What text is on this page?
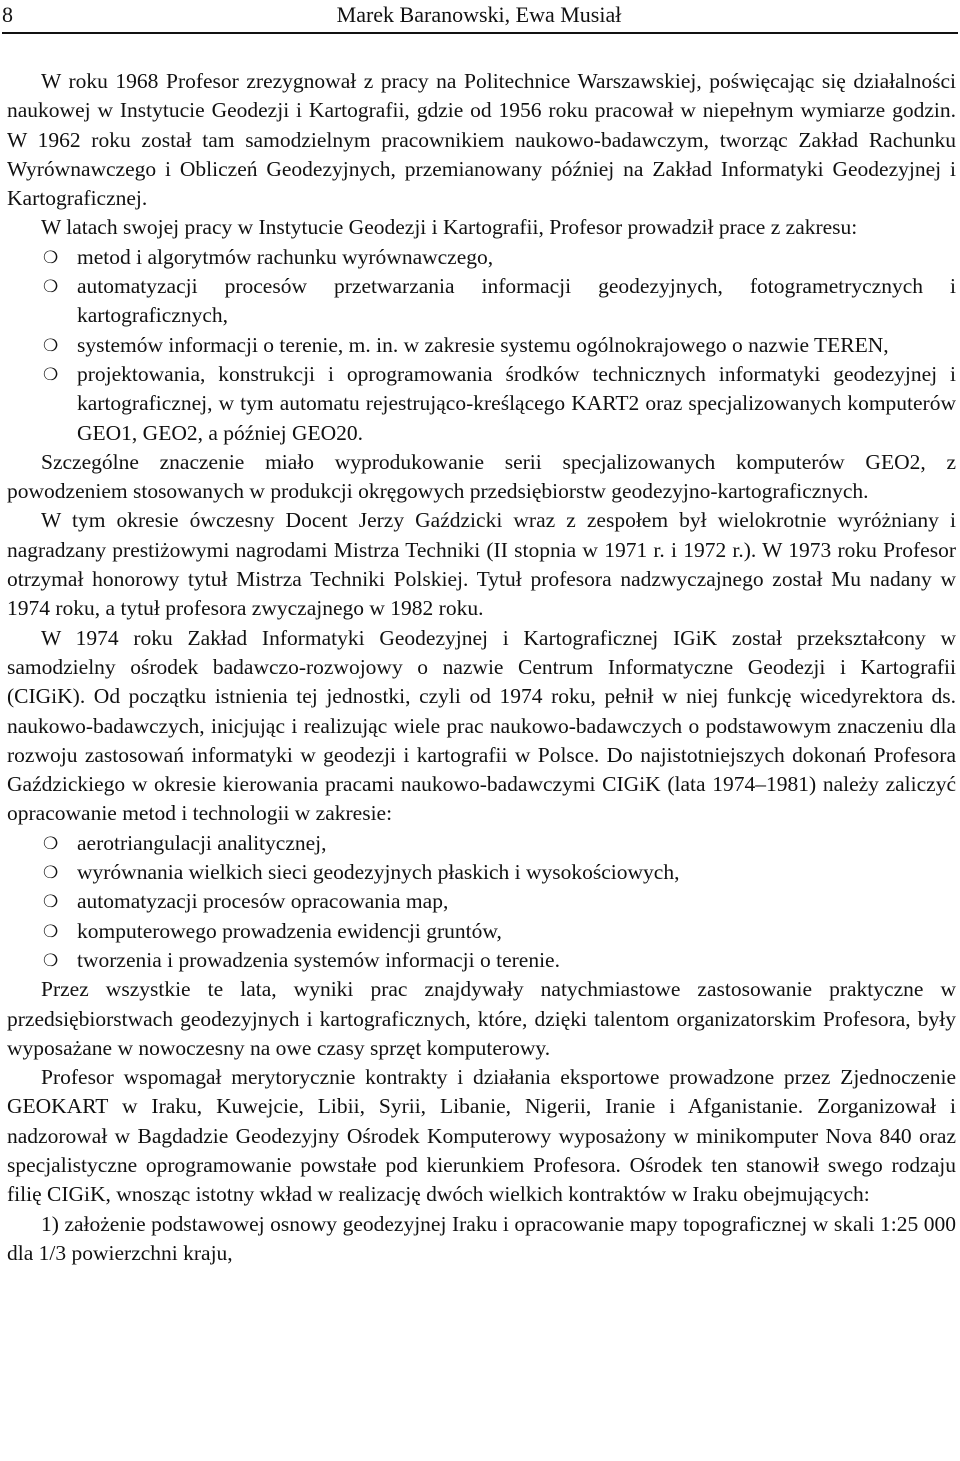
8	Marek Baranowski, Ewa Musiał

W roku 1968 Profesor zrezygnował z pracy na Politechnice Warszawskiej, poświęcając się działalności naukowej w Instytucie Geodezji i Kartografii, gdzie od 1956 roku pracował w niepełnym wymiarze godzin. W 1962 roku został tam samodzielnym pracownikiem naukowo-badawczym, tworząc Zakład Rachunku Wyrównawczego i Obliczeń Geodezyjnych, przemianowany później na Zakład Informatyki Geodezyjnej i Kartograficznej.

W latach swojej pracy w Instytucie Geodezji i Kartografii, Profesor prowadził prace z zakresu:

❍ metod i algorytmów rachunku wyrównawczego,
❍ automatyzacji procesów przetwarzania informacji geodezyjnych, fotogrametrycznych i kartograficznych,
❍ systemów informacji o terenie, m. in. w zakresie systemu ogólnokrajowego o nazwie TEREN,
❍ projektowania, konstrukcji i oprogramowania środków technicznych informatyki geodezyjnej i kartograficznej, w tym automatu rejestrująco-kreślącego KART2 oraz specjalizowanych komputerów GEO1, GEO2, a później GEO20.

Szczególne znaczenie miało wyprodukowanie serii specjalizowanych komputerów GEO2, z powodzeniem stosowanych w produkcji okręgowych przedsiębiorstw geodezyjno-kartograficznych.

W tym okresie ówczesny Docent Jerzy Gaździcki wraz z zespołem był wielokrotnie wyróżniany i nagradzany prestiżowymi nagrodami Mistrza Techniki (II stopnia w 1971 r. i 1972 r.). W 1973 roku Profesor otrzymał honorowy tytuł Mistrza Techniki Polskiej. Tytuł profesora nadzwyczajnego został Mu nadany w 1974 roku, a tytuł profesora zwyczajnego w 1982 roku.

W 1974 roku Zakład Informatyki Geodezyjnej i Kartograficznej IGiK został przekształcony w samodzielny ośrodek badawczo-rozwojowy o nazwie Centrum Informatyczne Geodezji i Kartografii (CIGiK). Od początku istnienia tej jednostki, czyli od 1974 roku, pełnił w niej funkcję wicedyrektora ds. naukowo-badawczych, inicjując i realizując wiele prac naukowo-badawczych o podstawowym znaczeniu dla rozwoju zastosowań informatyki w geodezji i kartografii w Polsce. Do najistotniejszych dokonań Profesora Gaździckiego w okresie kierowania pracami naukowo-badawczymi CIGiK (lata 1974–1981) należy zaliczyć opracowanie metod i technologii w zakresie:

❍ aerotriangulacji analitycznej,
❍ wyrównania wielkich sieci geodezyjnych płaskich i wysokościowych,
❍ automatyzacji procesów opracowania map,
❍ komputerowego prowadzenia ewidencji gruntów,
❍ tworzenia i prowadzenia systemów informacji o terenie.

Przez wszystkie te lata, wyniki prac znajdywały natychmiastowe zastosowanie praktyczne w przedsiębiorstwach geodezyjnych i kartograficznych, które, dzięki talentom organizatorskim Profesora, były wyposażane w nowoczesny na owe czasy sprzęt komputerowy.

Profesor wspomagał merytorycznie kontrakty i działania eksportowe prowadzone przez Zjednoczenie GEOKART w Iraku, Kuwejcie, Libii, Syrii, Libanie, Nigerii, Iranie i Afganistanie. Zorganizował i nadzorował w Bagdadzie Geodezyjny Ośrodek Komputerowy wyposażony w minikomputer Nova 840 oraz specjalistyczne oprogramowanie powstałe pod kierunkiem Profesora. Ośrodek ten stanowił swego rodzaju filię CIGiK, wnosząc istotny wkład w realizację dwóch wielkich kontraktów w Iraku obejmujących:

1) założenie podstawowej osnowy geodezyjnej Iraku i opracowanie mapy topograficznej w skali 1:25 000 dla 1/3 powierzchni kraju,
